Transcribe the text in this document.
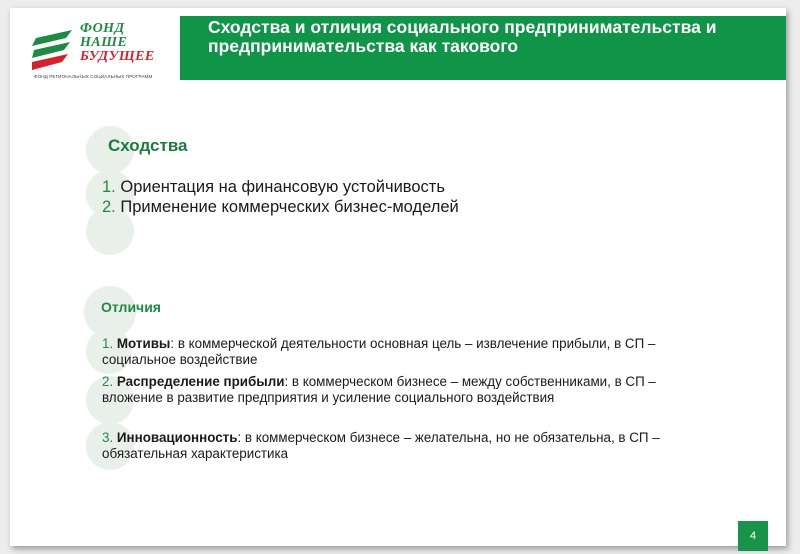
ФОНД
НАШЕ
БУДУЩЕЕ
ФОНД РЕГИОНАЛЬНЫХ СОЦИАЛЬНЫХ ПРОГРАММ
Сходства и отличия социального предпринимательства и предпринимательства как такового
Сходства
1. Ориентация на финансовую устойчивость
2. Применение коммерческих бизнес-моделей
Отличия
1. Мотивы: в коммерческой деятельности основная цель – извлечение прибыли, в СП – социальное воздействие
2. Распределение прибыли: в коммерческом бизнесе – между собственниками, в СП – вложение в развитие предприятия и усиление социального воздействия
3. Инновационность: в коммерческом бизнесе – желательна, но не обязательна, в СП – обязательная характеристика
4
